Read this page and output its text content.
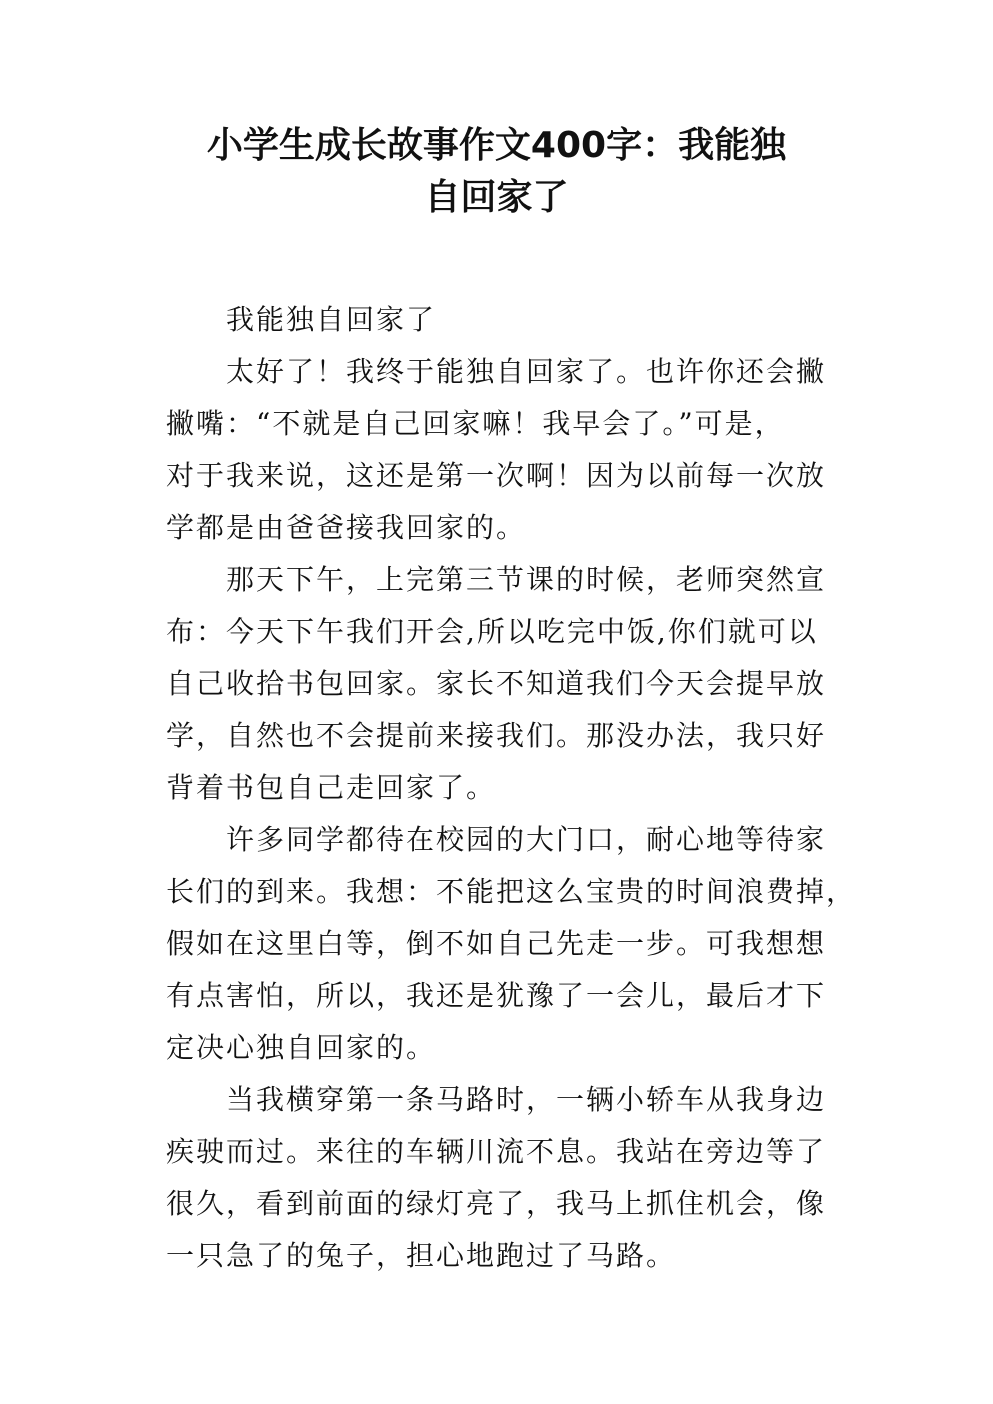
小学生成长故事作文400字：我能独
自回家了
我能独自回家了
太好了！我终于能独自回家了。也许你还会撇
撇嘴：“不就是自己回家嘛！我早会了。”可是，
对于我来说，这还是第一次啊！因为以前每一次放
学都是由爸爸接我回家的。
那天下午，上完第三节课的时候，老师突然宣
布：今天下午我们开会,所以吃完中饭,你们就可以
自己收拾书包回家。家长不知道我们今天会提早放
学，自然也不会提前来接我们。那没办法，我只好
背着书包自己走回家了。
许多同学都待在校园的大门口，耐心地等待家
长们的到来。我想：不能把这么宝贵的时间浪费掉，
假如在这里白等，倒不如自己先走一步。可我想想
有点害怕，所以，我还是犹豫了一会儿，最后才下
定决心独自回家的。
当我横穿第一条马路时，一辆小轿车从我身边
疾驶而过。来往的车辆川流不息。我站在旁边等了
很久，看到前面的绿灯亮了，我马上抓住机会，像
一只急了的兔子，担心地跑过了马路。
